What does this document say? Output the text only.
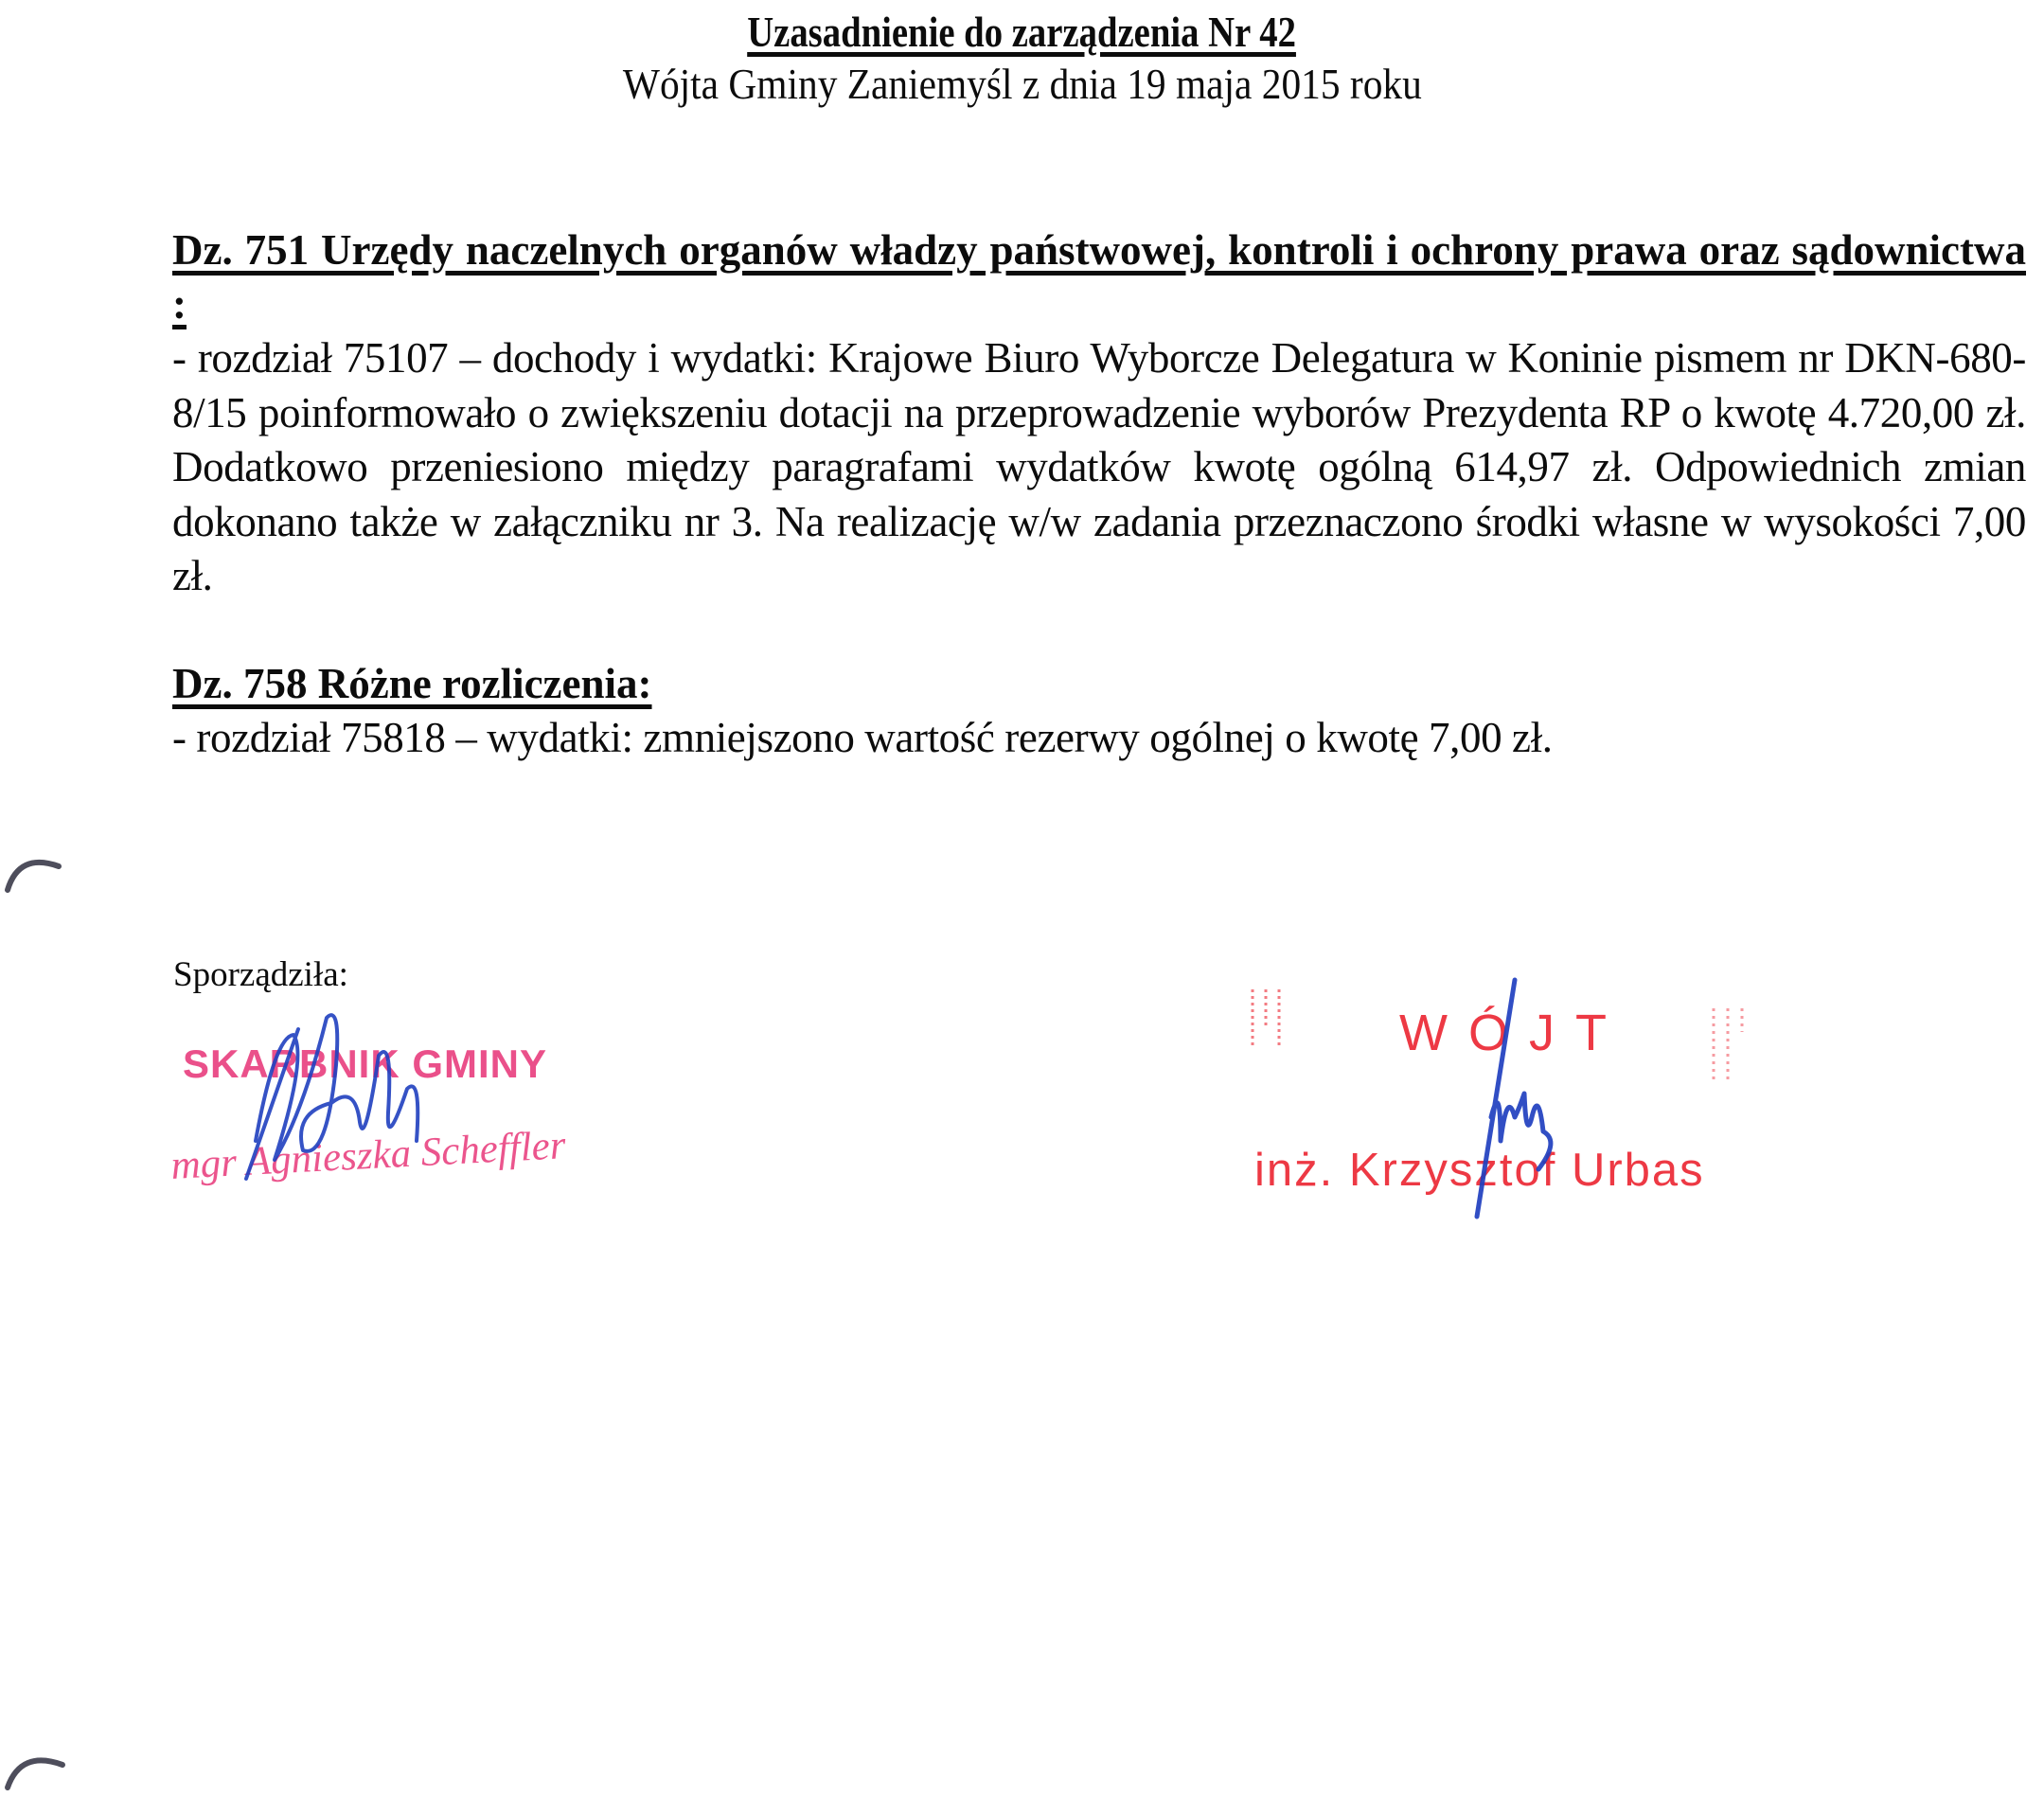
Uzasadnienie do zarządzenia Nr 42
Wójta Gminy Zaniemyśl z dnia 19 maja 2015 roku
Dz. 751 Urzędy naczelnych organów władzy państwowej, kontroli i ochrony prawa oraz sądownictwa :
- rozdział 75107 – dochody i wydatki: Krajowe Biuro Wyborcze Delegatura w Koninie pismem nr DKN-680-8/15 poinformowało o zwiększeniu dotacji na przeprowadzenie wyborów Prezydenta RP o kwotę 4.720,00 zł. Dodatkowo przeniesiono między paragrafami wydatków kwotę ogólną 614,97 zł. Odpowiednich zmian dokonano także w załączniku nr 3. Na realizację w/w zadania przeznaczono środki własne w wysokości 7,00 zł.
Dz. 758 Różne rozliczenia:
- rozdział 75818 – wydatki: zmniejszono wartość rezerwy ogólnej o kwotę 7,00 zł.
Sporządziła:
SKARBNIK GMINY
mgr Agnieszka Scheffler
WÓJT
inż. Krzysztof Urbas
